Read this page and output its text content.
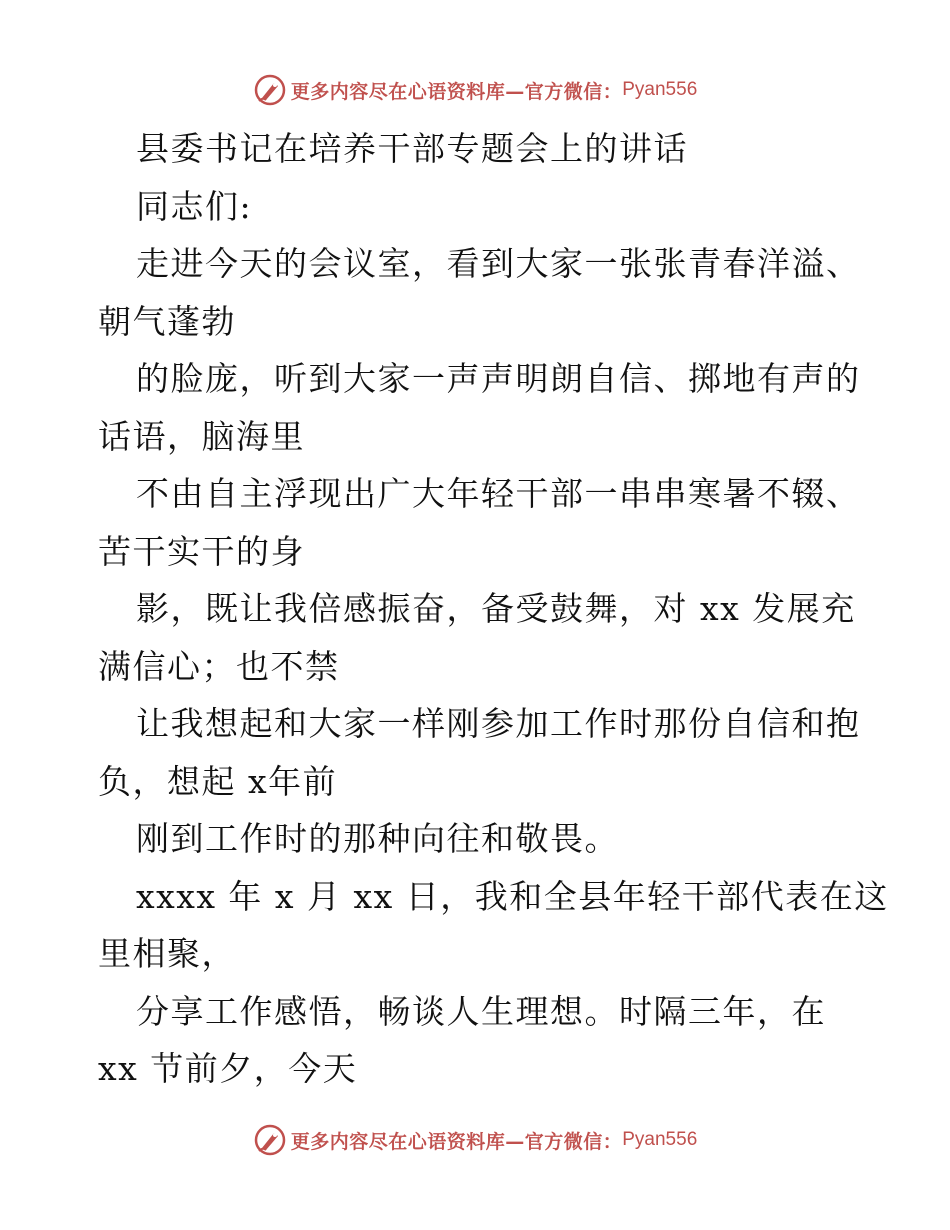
更多内容尽在心语资料库—官方微信： Pyan556
县委书记在培养干部专题会上的讲话
同志们:
走进今天的会议室，看到大家一张张青春洋溢、
朝气蓬勃
的脸庞，听到大家一声声明朗自信、掷地有声的
话语，脑海里
不由自主浮现出广大年轻干部一串串寒暑不辍、
苦干实干的身
影，既让我倍感振奋，备受鼓舞，对 xx 发展充
满信心；也不禁
让我想起和大家一样刚参加工作时那份自信和抱
负，想起 x年前
刚到工作时的那种向往和敬畏。
xxxx 年 x 月 xx 日，我和全县年轻干部代表在这
里相聚，
分享工作感悟，畅谈人生理想。时隔三年，在
xx 节前夕，今天
更多内容尽在心语资料库—官方微信： Pyan556
